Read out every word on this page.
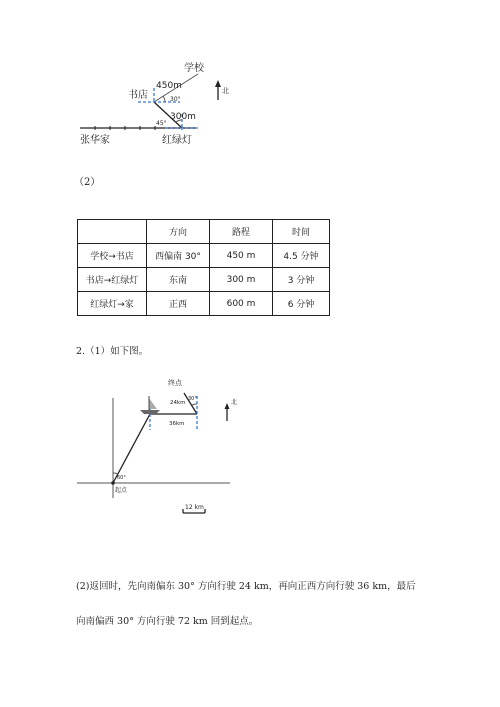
学校
450m
书店	30°
300m
45°
张华家	红绿灯
北
（2）
	方向	路程	时间
学校→书店	西偏南 30°	450 m	4.5 分钟
书店→红绿灯	东南	300 m	3 分钟
红绿灯→家	正西	600 m	6 分钟
2.（1）如下图。
终点
24km
36km
30°
60°
起点
北
12 km
(2)返回时，先向南偏东 30° 方向行驶 24 km，再向正西方向行驶 36 km，最后
向南偏西 30° 方向行驶 72 km 回到起点。
